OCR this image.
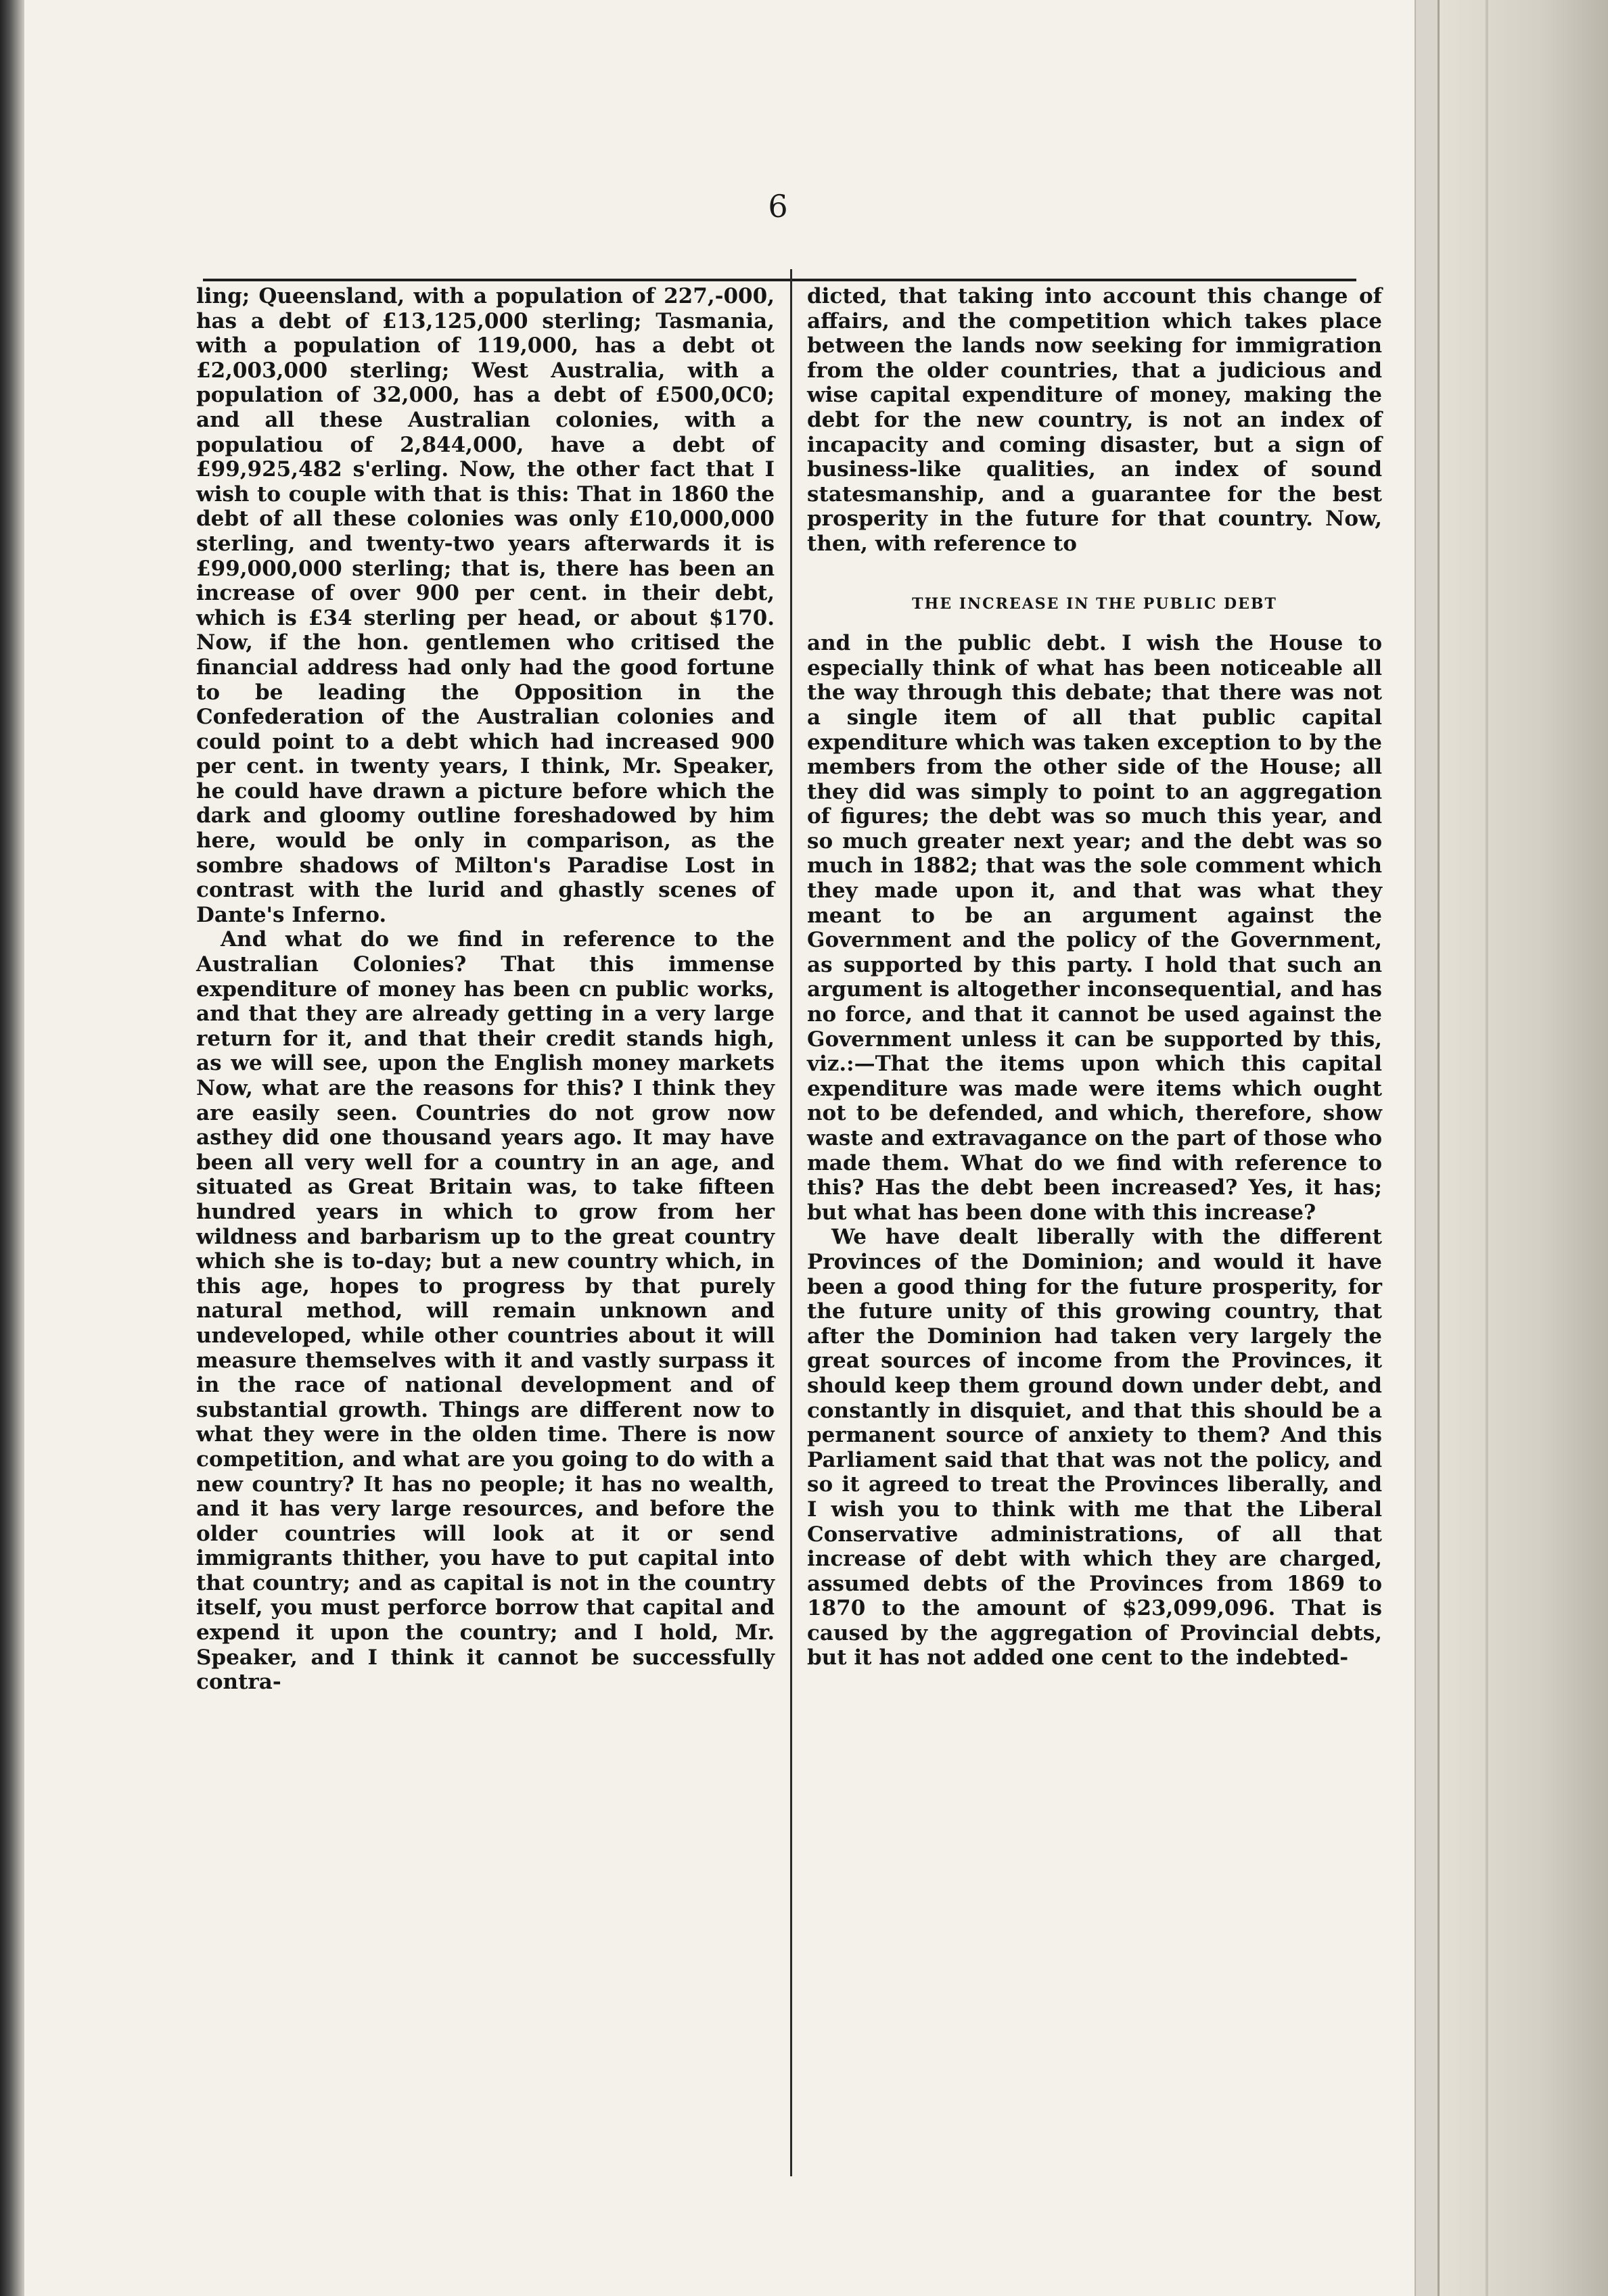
6

ling; Queensland, with a population of 227,-000, has a debt of £13,125,000 sterling; Tasmania, with a population of 119,000, has a debt ot £2,003,000 sterling; West Australia, with a population of 32,000, has a debt of £500,0C0; and all these Australian colonies, with a populatiou of 2,844,000, have a debt of £99,925,482 s'erling. Now, the other fact that I wish to couple with that is this: That in 1860 the debt of all these colonies was only £10,000,000 sterling, and twenty-two years afterwards it is £99,000,000 sterling; that is, there has been an increase of over 900 per cent. in their debt, which is £34 sterling per head, or about $170. Now, if the hon. gentlemen who critised the financial address had only had the good fortune to be leading the Opposition in the Confederation of the Australian colonies and could point to a debt which had increased 900 per cent. in twenty years, I think, Mr. Speaker, he could have drawn a picture before which the dark and gloomy outline foreshadowed by him here, would be only in comparison, as the sombre shadows of Milton's Paradise Lost in contrast with the lurid and ghastly scenes of Dante's Inferno.

And what do we find in reference to the Australian Colonies? That this immense expenditure of money has been cn public works, and that they are already getting in a very large return for it, and that their credit stands high, as we will see, upon the English money markets Now, what are the reasons for this? I think they are easily seen. Countries do not grow now asthey did one thousand years ago. It may have been all very well for a country in an age, and situated as Great Britain was, to take fifteen hundred years in which to grow from her wildness and barbarism up to the great country which she is to-day; but a new country which, in this age, hopes to progress by that purely natural method, will remain unknown and undeveloped, while other countries about it will measure themselves with it and vastly surpass it in the race of national development and of substantial growth. Things are different now to what they were in the olden time. There is now competition, and what are you going to do with a new country? It has no people; it has no wealth, and it has very large resources, and before the older countries will look at it or send immigrants thither, you have to put capital into that country; and as capital is not in the country itself, you must perforce borrow that capital and expend it upon the country; and I hold, Mr. Speaker, and I think it cannot be successfully contra-

dicted, that taking into account this change of affairs, and the competition which takes place between the lands now seeking for immigration from the older countries, that a judicious and wise capital expenditure of money, making the debt for the new country, is not an index of incapacity and coming disaster, but a sign of business-like qualities, an index of sound statesmanship, and a guarantee for the best prosperity in the future for that country. Now, then, with reference to

THE INCREASE IN THE PUBLIC DEBT

and in the public debt. I wish the House to especially think of what has been noticeable all the way through this debate; that there was not a single item of all that public capital expenditure which was taken exception to by the members from the other side of the House; all they did was simply to point to an aggregation of figures; the debt was so much this year, and so much greater next year; and the debt was so much in 1882; that was the sole comment which they made upon it, and that was what they meant to be an argument against the Government and the policy of the Government, as supported by this party. I hold that such an argument is altogether inconsequential, and has no force, and that it cannot be used against the Government unless it can be supported by this, viz.:—That the items upon which this capital expenditure was made were items which ought not to be defended, and which, therefore, show waste and extravagance on the part of those who made them. What do we find with reference to this? Has the debt been increased? Yes, it has; but what has been done with this increase?

We have dealt liberally with the different Provinces of the Dominion; and would it have been a good thing for the future prosperity, for the future unity of this growing country, that after the Dominion had taken very largely the great sources of income from the Provinces, it should keep them ground down under debt, and constantly in disquiet, and that this should be a permanent source of anxiety to them? And this Parliament said that that was not the policy, and so it agreed to treat the Provinces liberally, and I wish you to think with me that the Liberal Conservative administrations, of all that increase of debt with which they are charged, assumed debts of the Provinces from 1869 to 1870 to the amount of $23,099,096. That is caused by the aggregation of Provincial debts, but it has not added one cent to the indebted-
